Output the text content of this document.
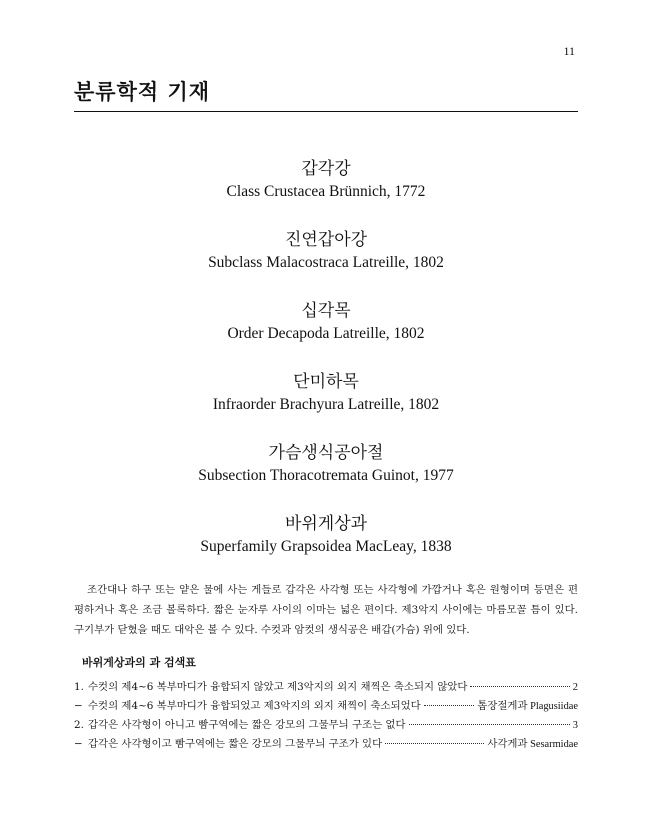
11
분류학적 기재
갑각강
Class Crustacea Brünnich, 1772
진연갑아강
Subclass Malacostraca Latreille, 1802
십각목
Order Decapoda Latreille, 1802
단미하목
Infraorder Brachyura Latreille, 1802
가슴생식공아절
Subsection Thoracotremata Guinot, 1977
바위게상과
Superfamily Grapsoidea MacLeay, 1838

조간대나 하구 또는 얕은 물에 사는 게들로 갑각은 사각형 또는 사각형에 가깝거나 혹은 원형이며 등면은 편평하거나 혹은 조금 볼록하다. 짧은 눈자루 사이의 이마는 넓은 편이다. 제3악지 사이에는 마름모꼴 틈이 있다. 구기부가 닫혔을 때도 대악은 볼 수 있다. 수컷과 암컷의 생식공은 배갑(가슴) 위에 있다.

바위게상과의 과 검색표
1. 수컷의 제4~6 복부마디가 융합되지 않았고 제3악지의 외지 채찍은 축소되지 않았다	2
− 수컷의 제4~6 복부마디가 융합되었고 제3악지의 외지 채찍이 축소되었다	톱장절게과 Plagusiidae
2. 갑각은 사각형이 아니고 빰구역에는 짧은 강모의 그물무늬 구조는 없다	3
− 갑각은 사각형이고 빰구역에는 짧은 강모의 그물무늬 구조가 있다	사각게과 Sesarmidae
